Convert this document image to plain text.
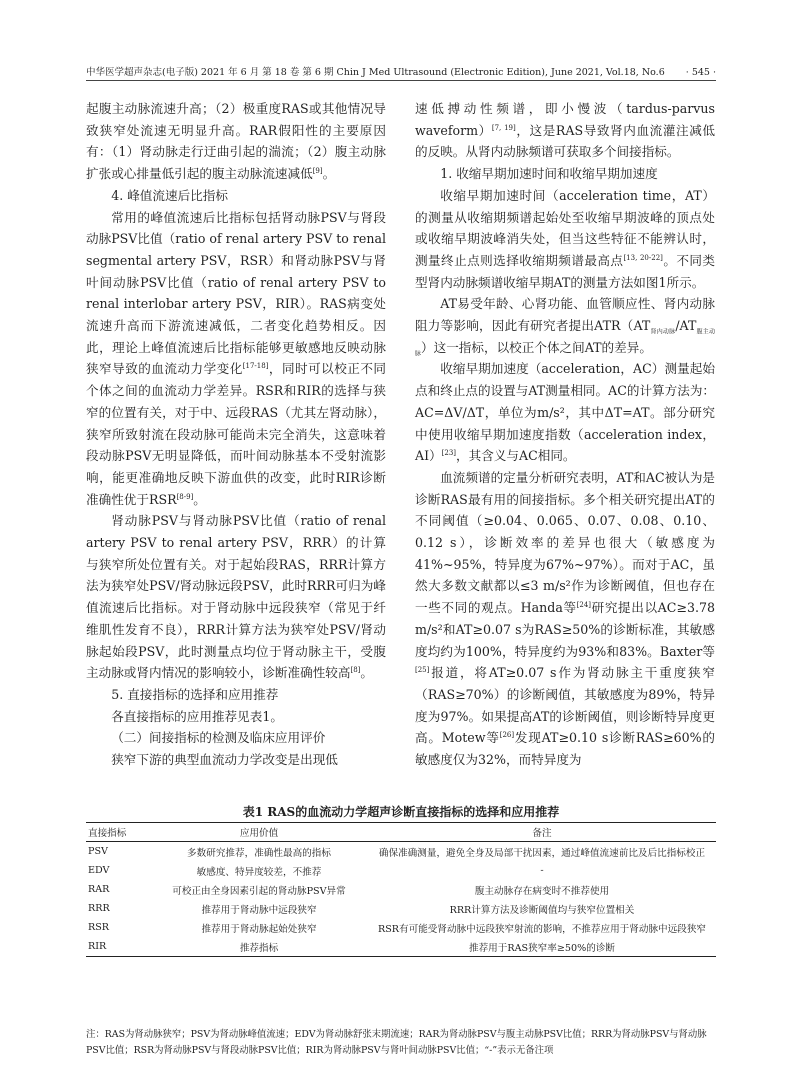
中华医学超声杂志(电子版) 2021 年 6 月 第 18 卷 第 6 期 Chin J Med Ultrasound (Electronic Edition), June 2021, Vol.18, No.6 · 545 ·

起腹主动脉流速升高；（2）极重度RAS或其他情况导致狭窄处流速无明显升高。RAR假阳性的主要原因有：（1）肾动脉走行迂曲引起的湍流；（2）腹主动脉扩张或心排量低引起的腹主动脉流速减低[9]。

4. 峰值流速后比指标

常用的峰值流速后比指标包括肾动脉PSV与肾段动脉PSV比值（ratio of renal artery PSV to renal segmental artery PSV，RSR）和肾动脉PSV与肾叶间动脉PSV比值（ratio of renal artery PSV to renal interlobar artery PSV，RIR）。RAS病变处流速升高而下游流速减低，二者变化趋势相反。因此，理论上峰值流速后比指标能够更敏感地反映动脉狭窄导致的血流动力学变化[17-18]，同时可以校正不同个体之间的血流动力学差异。RSR和RIR的选择与狭窄的位置有关，对于中、远段RAS（尤其左肾动脉），狭窄所致射流在段动脉可能尚未完全消失，这意味着段动脉PSV无明显降低，而叶间动脉基本不受射流影响，能更准确地反映下游血供的改变，此时RIR诊断准确性优于RSR[8-9]。

肾动脉PSV与肾动脉PSV比值（ratio of renal artery PSV to renal artery PSV，RRR）的计算与狭窄所处位置有关。对于起始段RAS，RRR计算方法为狭窄处PSV/肾动脉远段PSV，此时RRR可归为峰值流速后比指标。对于肾动脉中远段狭窄（常见于纤维肌性发育不良），RRR计算方法为狭窄处PSV/肾动脉起始段PSV，此时测量点均位于肾动脉主干，受腹主动脉或肾内情况的影响较小，诊断准确性较高[8]。

5. 直接指标的选择和应用推荐

各直接指标的应用推荐见表1。

（二）间接指标的检测及临床应用评价

狭窄下游的典型血流动力学改变是出现低

速低搏动性频谱，即小慢波（tardus-parvus waveform）[7, 19]，这是RAS导致肾内血流灌注减低的反映。从肾内动脉频谱可获取多个间接指标。

1. 收缩早期加速时间和收缩早期加速度

收缩早期加速时间（acceleration time，AT）的测量从收缩期频谱起始处至收缩早期波峰的顶点处或收缩早期波峰消失处，但当这些特征不能辨认时，测量终止点则选择收缩期频谱最高点[13, 20-22]。不同类型肾内动脉频谱收缩早期AT的测量方法如图1所示。

AT易受年龄、心肾功能、血管顺应性、肾内动脉阻力等影响，因此有研究者提出$ATR(AT_{肾内动脉}/AT_{腹主动脉})$这一指标，以校正个体之间AT的差异。

收缩早期加速度（acceleration，AC）测量起始点和终止点的设置与AT测量相同。AC的计算方法为：AC=ΔV/ΔT，单位为m/s²，其中ΔT=AT。部分研究中使用收缩早期加速度指数（acceleration index，AI）[23]，其含义与AC相同。

血流频谱的定量分析研究表明，AT和AC被认为是诊断RAS最有用的间接指标。多个相关研究提出AT的不同阈值（≥0.04、0.065、0.07、0.08、0.10、0.12 s），诊断效率的差异也很大（敏感度为41%~95%，特异度为67%~97%）。而对于AC，虽然大多数文献都以≤3 m/s²作为诊断阈值，但也存在一些不同的观点。Handa等[24]研究提出以AC≥3.78 m/s²和AT≥0.07 s为RAS≥50%的诊断标准，其敏感度均约为100%，特异度约为93%和83%。Baxter等[25]报道，将AT≥0.07 s作为肾动脉主干重度狭窄（RAS≥70%）的诊断阈值，其敏感度为89%，特异度为97%。如果提高AT的诊断阈值，则诊断特异度更高。Motew等[26]发现AT≥0.10 s诊断RAS≥60%的敏感度仅为32%，而特异度为

表1 RAS的血流动力学超声诊断直接指标的选择和应用推荐
直接指标	应用价值	备注
PSV	多数研究推荐，准确性最高的指标	确保准确测量，避免全身及局部干扰因素，通过峰值流速前比及后比指标校正
EDV	敏感度、特异度较差，不推荐	-
RAR	可校正由全身因素引起的肾动脉PSV异常	腹主动脉存在病变时不推荐使用
RRR	推荐用于肾动脉中远段狭窄	RRR计算方法及诊断阈值均与狭窄位置相关
RSR	推荐用于肾动脉起始处狭窄	RSR有可能受肾动脉中远段狭窄射流的影响，不推荐应用于肾动脉中远段狭窄
RIR	推荐指标	推荐用于RAS狭窄率≥50%的诊断
注：RAS为肾动脉狭窄；PSV为肾动脉峰值流速；EDV为肾动脉舒张末期流速；RAR为肾动脉PSV与腹主动脉PSV比值；RRR为肾动脉PSV与肾动脉PSV比值；RSR为肾动脉PSV与肾段动脉PSV比值；RIR为肾动脉PSV与肾叶间动脉PSV比值；“-”表示无备注项
